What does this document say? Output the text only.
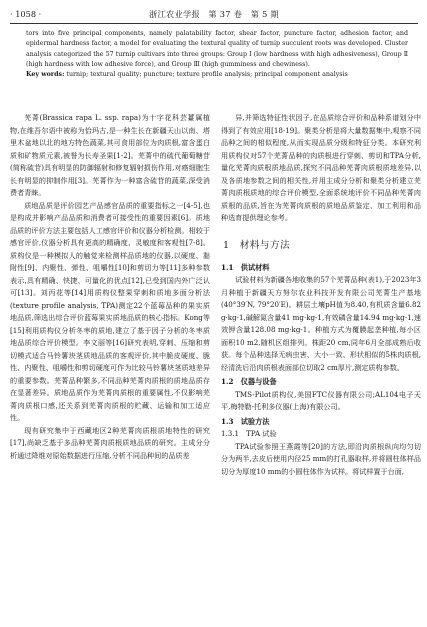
· 1058 ·	浙江农业学报　第 37 卷　第 5 期
tors into five principal components, namely palatability factor, shear factor, puncture factor, adhesion factor, and epidermal hardness factor, a model for evaluating the textural quality of turnip succulent roots was developed. Cluster analysis categorized the 57 turnip cultivars into three groups: Group Ⅰ (low hardness with high adhesiveness), Group Ⅱ (high hardness with low adhesive force), and Group Ⅲ (high gumminess and chewiness).
Key words: turnip; textural quality; puncture; texture profile analysis; principal component analysis

芜菁(Brassica rapa L. ssp. rapa)为十字花科芸薹属植物,在维吾尔语中被称为恰玛古,是一种生长在新疆天山以南、塔里木盆地以北的地方特色蔬菜,其可食用部位为肉质根,富含蛋白质和矿物质元素,被誉为长寿圣果[1-2]。芜菁中的硫代葡萄糖苷(简称硫苷)具有明显的防御辐射和修复辐射损伤作用,对癌细胞生长有明显的抑制作用[3]。芜菁作为一种富含硫苷的蔬菜,深受消费者青睐。

质地品质是评价园艺产品感官品质的重要指标之一[4-5],也是构成并影响产品品质和消费者可接受性的重要因素[6]。质地品质的评价方法主要包括人工感官评价和仪器分析检测。相较于感官评价,仪器分析具有更高的精确度、灵敏度和客观性[7-8]。质构仪是一种模拟人的触觉来检测样品质地的仪器,以硬度、黏附性[9]、内聚性、弹性、咀嚼性[10]和剪切力等[11]多种参数表示,具有精确、快捷、可量化的优点[12],已受到国内外广泛认可[13]。刘丙花等[14]用质构仪整果穿刺和质地多面分析法(texture profile analysis, TPA)测定22个蓝莓品种的果实质地品质,筛选出综合评价蓝莓果实质地品质的核心指标。Kong等[15]利用质构仪分析冬枣的质地,建立了基于因子分析的冬枣质地品质综合评价模型。李文丽等[16]研究表明,穿刺、压缩和剪切模式适合马铃薯块茎质地品质的客观评价,其中脆皮硬度、脆性、内聚性、咀嚼性和剪切硬度可作为比较马铃薯块茎质地差异的重要参数。芜菁品种繁多,不同品种芜菁肉质根的质地品质存在显著差异。质地品质作为芜菁肉质根的重要属性,不仅影响芜菁肉质根口感,还关系到芜菁肉质根的贮藏、运输和加工适应性。

现有研究集中于西藏地区2种芜菁肉质根质地特性的研究[17],尚缺乏基于多品种芜菁肉质根质地品质的研究。主成分分析通过降维对原始数据进行压缩,分析不同品种间的品质差

异,并筛选特征性状因子,在品质综合评价和品种系谱划分中得到了有效应用[18-19]。聚类分析是将大量数据集中,观察不同品种之间的相似程度,从而实现品质分级和特征分类。本研究利用质构仪对57个芜菁品种的肉质根进行穿刺、剪切和TPA分析,量化芜菁肉质根质地品质,探究不同品种芜菁肉质根质地差异,以及各质地参数之间的相关性,并用主成分分析和聚类分析建立芜菁肉质根质地的综合评价模型,全面系统地评价不同品种芜菁肉质根的品质,旨在为芜菁肉质根的质地品质鉴定、加工利用和品种选育提供理论参考。

1　材料与方法
1.1　供试材料

试验材料为新疆各地收集的57个芜菁品种(表1),于2023年3月种植于新疆天方努尔农业科技开发有限公司芜菁生产基地(40°39′N, 79°20′E)。耕层土壤pH值为8.40,有机质含量6.82 g·kg-1,碱解氮含量41 mg·kg-1,有效磷含量14.94 mg·kg-1,速效钾含量128.08 mg·kg-1。种植方式为覆膜起垄种植,每小区面积10 m2,随机区组排列。株距20 cm,同年6月全部成熟后收获。每个品种选择无病虫害、大小一致、形状相似的5株肉质根,经清洗后沿肉质根表面部位切取2 cm厚片,测定质构参数。

1.2　仪器与设备

TMS-Pilot质构仪,美国FTC仪器有限公司;AL104电子天平,梅特勒-托利多仪器(上海)有限公司。

1.3　试验方法
1.3.1　TPA 试验

TPA试验参照王燕霞等[20]的方法,即沿肉质根纵向均匀切分为两半,去皮后使用内径25 mm的打孔器取样,并将圆柱体样品切分为厚度10 mm的小圆柱体作为试样。将试样置于台面,
